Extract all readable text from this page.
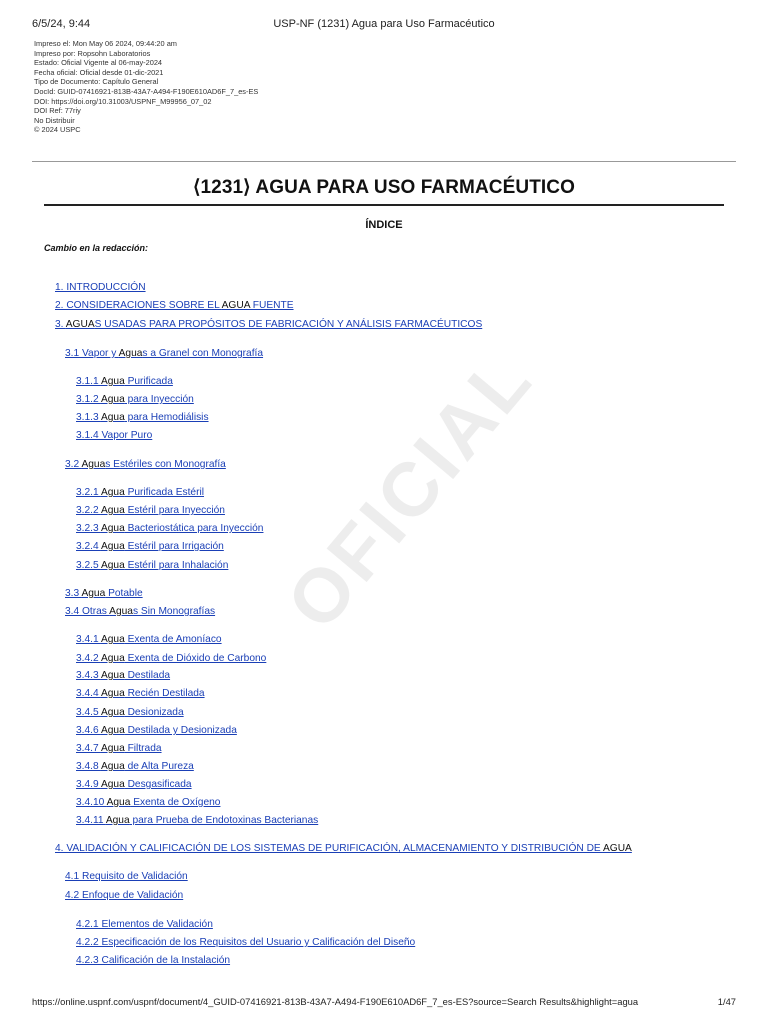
6/5/24, 9:44	USP-NF (1231) Agua para Uso Farmacéutico
Impreso el: Mon May 06 2024, 09:44:20 am
Impreso por: Ropsohn Laboratorios
Estado: Oficial Vigente al 06-may-2024
Fecha oficial: Oficial desde 01-dic-2021
Tipo de Documento: Capítulo General
DocId: GUID-07416921-813B-43A7-A494-F190E610AD6F_7_es-ES
DOI: https://doi.org/10.31003/USPNF_M99956_07_02
DOI Ref: 77riy
No Distribuir
© 2024 USPC
⟨1231⟩ AGUA PARA USO FARMACÉUTICO
ÍNDICE
Cambio en la redacción:
OFICIAL
1. INTRODUCCIÓN
2. CONSIDERACIONES SOBRE EL AGUA FUENTE
3. AGUAS USADAS PARA PROPÓSITOS DE FABRICACIÓN Y ANÁLISIS FARMACÉUTICOS
3.1 Vapor y Aguas a Granel con Monografía
3.1.1 Agua Purificada
3.1.2 Agua para Inyección
3.1.3 Agua para Hemodiálisis
3.1.4 Vapor Puro
3.2 Aguas Estériles con Monografía
3.2.1 Agua Purificada Estéril
3.2.2 Agua Estéril para Inyección
3.2.3 Agua Bacteriostática para Inyección
3.2.4 Agua Estéril para Irrigación
3.2.5 Agua Estéril para Inhalación
3.3 Agua Potable
3.4 Otras Aguas Sin Monografías
3.4.1 Agua Exenta de Amoníaco
3.4.2 Agua Exenta de Dióxido de Carbono
3.4.3 Agua Destilada
3.4.4 Agua Recién Destilada
3.4.5 Agua Desionizada
3.4.6 Agua Destilada y Desionizada
3.4.7 Agua Filtrada
3.4.8 Agua de Alta Pureza
3.4.9 Agua Desgasificada
3.4.10 Agua Exenta de Oxígeno
3.4.11 Agua para Prueba de Endotoxinas Bacterianas
4. VALIDACIÓN Y CALIFICACIÓN DE LOS SISTEMAS DE PURIFICACIÓN, ALMACENAMIENTO Y DISTRIBUCIÓN DE AGUA
4.1 Requisito de Validación
4.2 Enfoque de Validación
4.2.1 Elementos de Validación
4.2.2 Especificación de los Requisitos del Usuario y Calificación del Diseño
4.2.3 Calificación de la Instalación
https://online.uspnf.com/uspnf/document/4_GUID-07416921-813B-43A7-A494-F190E610AD6F_7_es-ES?source=Search Results&highlight=agua	1/47
